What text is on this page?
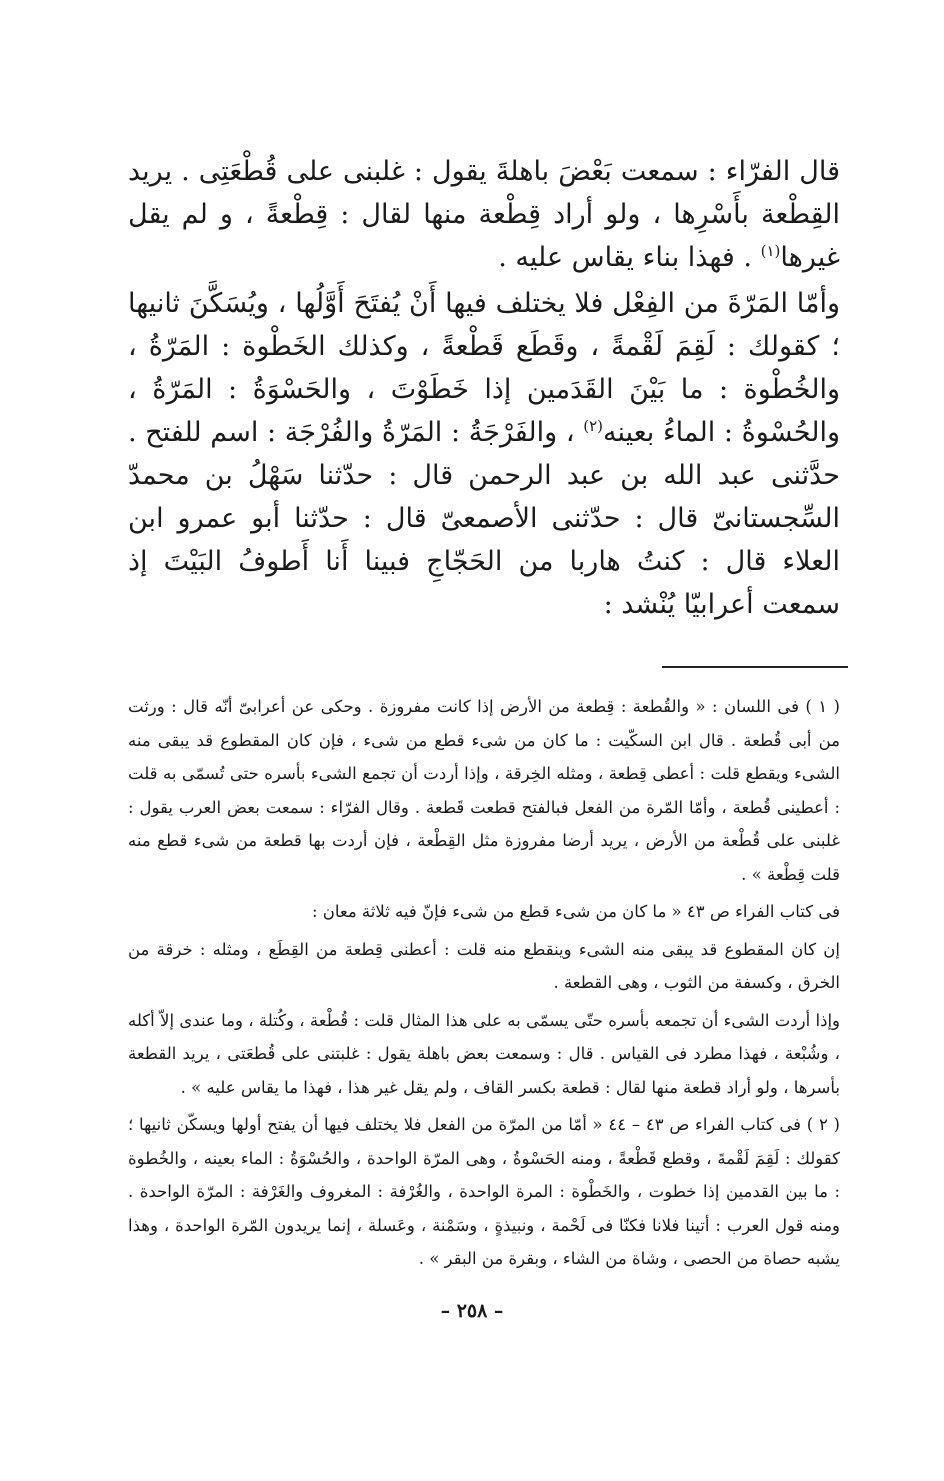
قال الفرّاء : سمعت بَعْضَ باهلةَ يقول : غلبنى على قُطْعَتِى . يريد القِطْعة بأَسْرِها ، ولو أراد قِطْعة منها لقال : قِطْعةً ، و لم يقل غيرها$^{(١)}$ . فهذا بناء يقاس عليه .

وأمّا المَرّةَ من الفِعْل فلا يختلف فيها أَنْ يُفتَحَ أَوَّلُها ، ويُسَكَّنَ ثانيها ؛ كقولك : لَقِمَ لَقْمةً ، وقَطَع قَطْعةً ، وكذلك الخَطْوة : المَرّةُ ، والخُطْوة : ما بَيْنَ القَدَمين إذا خَطَوْتَ ، والحَسْوَةُ : المَرّةُ ، والحُسْوةُ : الماءُ بعينه$^{(٢)}$ ، والفَرْجَةُ : المَرّةُ والفُرْجَة : اسم للفتح . حدَّثنى عبد الله بن عبد الرحمن قال : حدّثنا سَهْلُ بن محمدّ السِّجستانىّ قال : حدّثنى الأصمعىّ قال : حدّثنا أبو عمرو ابن العلاء قال : كنتُ هاربا من الحَجّاجِ فبينا أَنا أَطوفُ البَيْتَ إذ سمعت أعرابيّا يُنْشد :

( ١ ) فى اللسان : « والقُطعة : قِطعة من الأرض إذا كانت مفروزة . وحكى عن أعرابىّ أنّه قال : ورثت من أبى قُطعة . قال ابن السكّيت : ما كان من شىء قطع من شىء ، فإن كان المقطوع قد يبقى منه الشىء ويقطع قلت : أعطى قِطعة ، ومثله الخِرقة ، وإذا أردت أن تجمع الشىء بأسره حتى تُسمّى به قلت : أعطينى قُطعة ، وأمّا المّرة من الفعل فبالفتح قطعت قَطعة . وقال الفرّاء : سمعت بعض العرب يقول : غلبنى على قُطْعة من الأرض ، يريد أرضا مفروزة مثل القِطْعة ، فإن أردت بها قطعة من شىء قطع منه قلت قِطْعة » .

فى كتاب الفراء ص ٤٣ « ما كان من شىء قطع من شىء فإنّ فيه ثلاثة معان :

إن كان المقطوع قد يبقى منه الشىء وينقطع منه قلت : أعطنى قِطعة من القِطَع ، ومثله : خرقة من الخرق ، وكسفة من الثوب ، وهى القطعة .

وإذا أردت الشىء أن تجمعه بأسره حتّى يسمّى به على هذا المثال قلت : قُطْعة ، وكُتلة ، وما عندى إلاّ أكله ، وشُبْعة ، فهذا مطرد فى القياس . قال : وسمعت بعض باهلة يقول : غلبتنى على قُطعَتى ، يريد القطعة بأسرها ، ولو أراد قطعة منها لقال : قطعة بكسر القاف ، ولم يقل غير هذا ، فهذا ما يقاس عليه » .

( ٢ ) فى كتاب الفراء ص ٤٣ – ٤٤ « أمّا من المرّة من الفعل فلا يختلف فيها أن يفتح أولها ويسكّن ثانيها ؛ كقولك : لَقِمَ لَقْمةَ ، وقطع قَطْعةً ، ومنه الحَسْوةُ ، وهى المرّة الواحدة ، والحُسْوَةُ : الماء بعينه ، والخُطوة : ما بين القدمين إذا خطوت ، والخَطْوة : المرة الواحدة ، والغُرْفة : المغروف والغَرْفة : المرّة الواحدة . ومنه قول العرب : أتينا فلانا فكنّا فى لَحْمة ، ونبيذةٍ ، وسَمْنة ، وعَسلة ، إنما يريدون المّرة الواحدة ، وهذا يشبه حصاة من الحصى ، وشاة من الشاء ، وبقرة من البقر » .

– ٢٥٨ –
